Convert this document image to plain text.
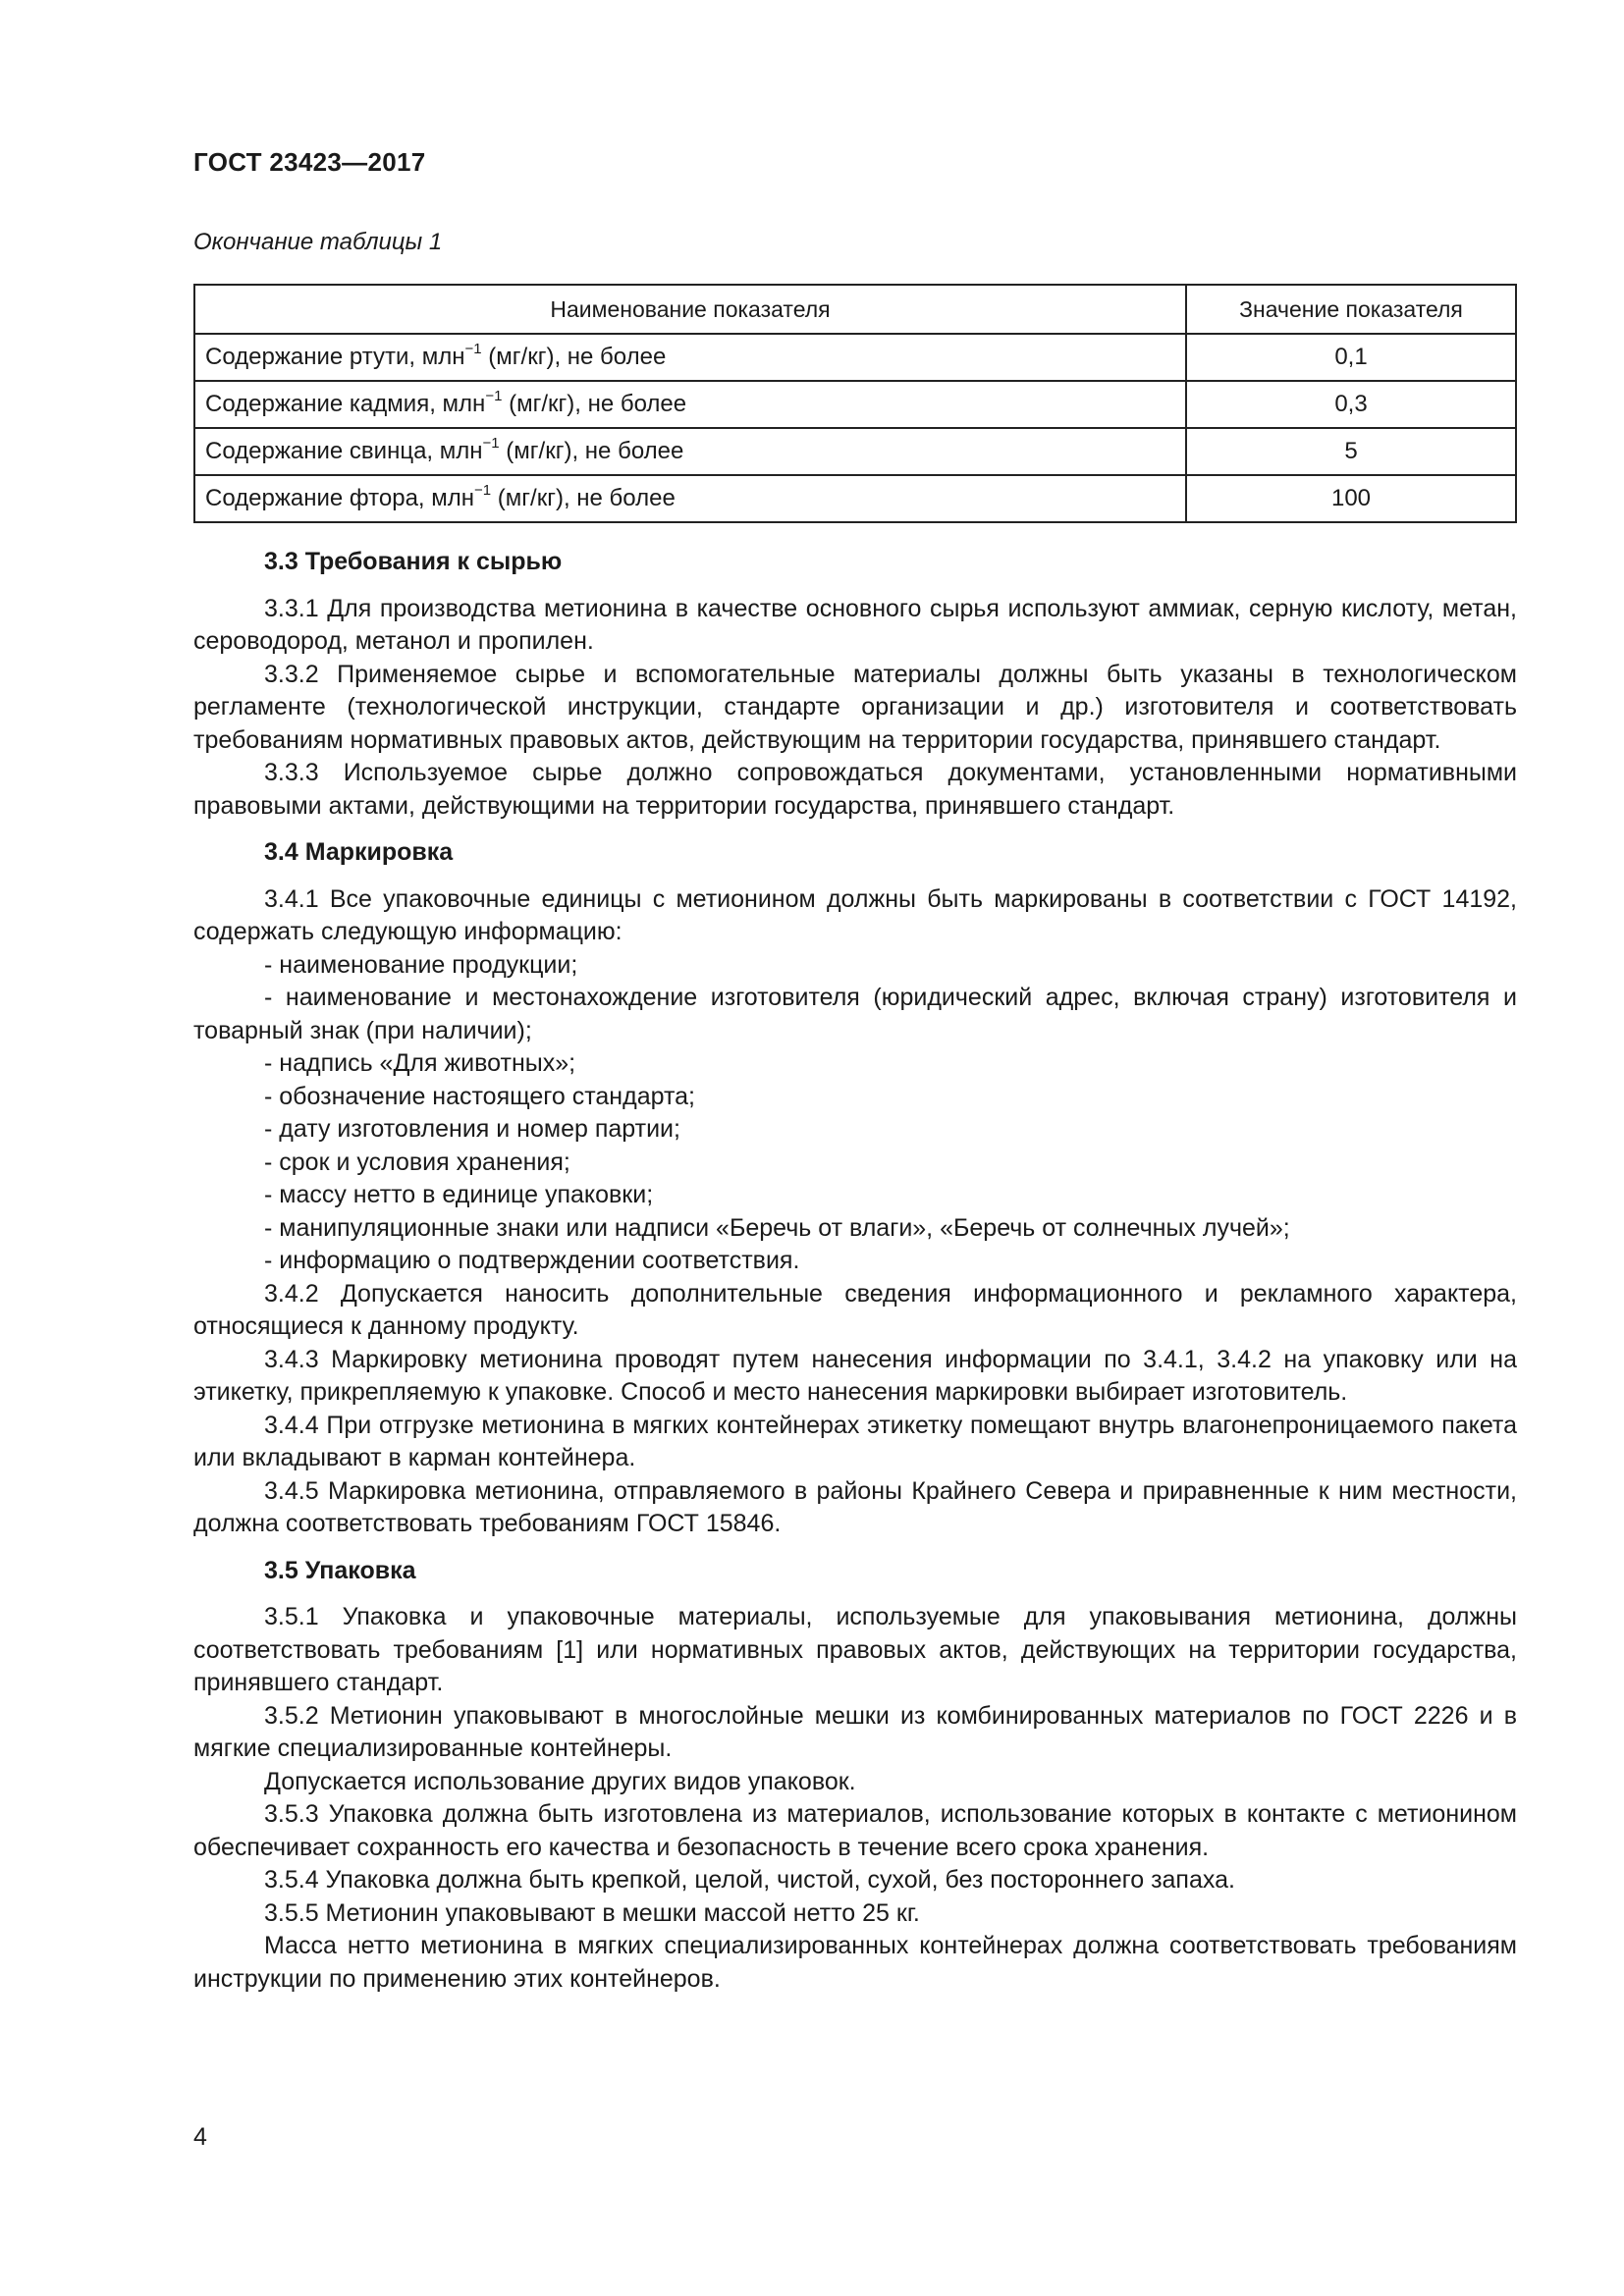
ГОСТ 23423—2017
Окончание таблицы 1
Наименование показателя	Значение показателя
Содержание ртути, млн$^{-1}$ (мг/кг), не более	0,1
Содержание кадмия, млн$^{-1}$ (мг/кг), не более	0,3
Содержание свинца, млн$^{-1}$ (мг/кг), не более	5
Содержание фтора, млн$^{-1}$ (мг/кг), не более	100

3.3 Требования к сырью

3.3.1 Для производства метионина в качестве основного сырья используют аммиак, серную кислоту, метан, сероводород, метанол и пропилен.

3.3.2 Применяемое сырье и вспомогательные материалы должны быть указаны в технологическом регламенте (технологической инструкции, стандарте организации и др.) изготовителя и соответствовать требованиям нормативных правовых актов, действующим на территории государства, принявшего стандарт.

3.3.3 Используемое сырье должно сопровождаться документами, установленными нормативными правовыми актами, действующими на территории государства, принявшего стандарт.

3.4 Маркировка

3.4.1 Все упаковочные единицы с метионином должны быть маркированы в соответствии с ГОСТ 14192, содержать следующую информацию:

- наименование продукции;

- наименование и местонахождение изготовителя (юридический адрес, включая страну) изготовителя и товарный знак (при наличии);

- надпись «Для животных»;

- обозначение настоящего стандарта;

- дату изготовления и номер партии;

- срок и условия хранения;

- массу нетто в единице упаковки;

- манипуляционные знаки или надписи «Беречь от влаги», «Беречь от солнечных лучей»;

- информацию о подтверждении соответствия.

3.4.2 Допускается наносить дополнительные сведения информационного и рекламного характера, относящиеся к данному продукту.

3.4.3 Маркировку метионина проводят путем нанесения информации по 3.4.1, 3.4.2 на упаковку или на этикетку, прикрепляемую к упаковке. Способ и место нанесения маркировки выбирает изготовитель.

3.4.4 При отгрузке метионина в мягких контейнерах этикетку помещают внутрь влагонепроницаемого пакета или вкладывают в карман контейнера.

3.4.5 Маркировка метионина, отправляемого в районы Крайнего Севера и приравненные к ним местности, должна соответствовать требованиям ГОСТ 15846.

3.5 Упаковка

3.5.1 Упаковка и упаковочные материалы, используемые для упаковывания метионина, должны соответствовать требованиям [1] или нормативных правовых актов, действующих на территории государства, принявшего стандарт.

3.5.2 Метионин упаковывают в многослойные мешки из комбинированных материалов по ГОСТ 2226 и в мягкие специализированные контейнеры.

Допускается использование других видов упаковок.

3.5.3 Упаковка должна быть изготовлена из материалов, использование которых в контакте с метионином обеспечивает сохранность его качества и безопасность в течение всего срока хранения.

3.5.4 Упаковка должна быть крепкой, целой, чистой, сухой, без постороннего запаха.

3.5.5 Метионин упаковывают в мешки массой нетто 25 кг.

Масса нетто метионина в мягких специализированных контейнерах должна соответствовать требованиям инструкции по применению этих контейнеров.

4
